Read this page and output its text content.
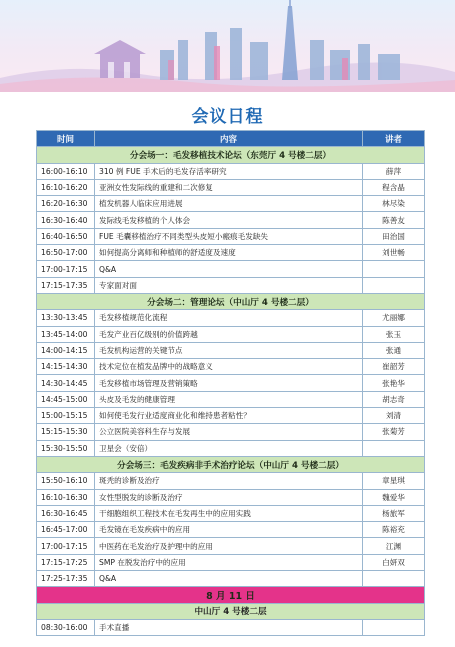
会议日程
时间	内容	讲者
分会场一：毛发移植技术论坛（东莞厅 4 号楼二层）		
16:00-16:10	310 例 FUE 手术后的毛发存活率研究	薛萍
16:10-16:20	亚洲女性发际线的重建和二次修复	程含晶
16:20-16:30	植发机器人临床应用进展	林尽染
16:30-16:40	发际线毛发移植的个人体会	陈善友
16:40-16:50	FUE 毛囊移植治疗不同类型头皮短小瘢痕毛发缺失	田治国
16:50-17:00	如何提高分离师和种植师的舒适度及速度	刘世畅
17:00-17:15	Q&A	
17:15-17:35	专家面对面	
分会场二：管理论坛（中山厅 4 号楼二层）		
13:30-13:45	毛发移植规范化流程	尤丽娜
13:45-14:00	毛发产业百亿级别的价值跨越	张玉
14:00-14:15	毛发机构运营的关键节点	张通
14:15-14:30	技术定位在植发品牌中的战略意义	崔韶芳
14:30-14:45	毛发移植市场管理及营销策略	张艳华
14:45-15:00	头皮及毛发的健康管理	胡志奇
15:00-15:15	如何使毛发行业适度商业化和维持患者粘性？	刘清
15:15-15:30	公立医院美容科生存与发展	张菊芳
15:30-15:50	卫星会（安倍）	
分会场三：毛发疾病非手术治疗论坛（中山厅 4 号楼二层）		
15:50-16:10	斑秃的诊断及治疗	章星琪
16:10-16:30	女性型脱发的诊断及治疗	魏爱华
16:30-16:45	干细胞组织工程技术在毛发再生中的应用实践	杨旅军
16:45-17:00	毛发镜在毛发疾病中的应用	陈裕充
17:00-17:15	中医药在毛发治疗及护理中的应用	江渊
17:15-17:25	SMP 在脱发治疗中的应用	白妍双
17:25-17:35	Q&A	
8 月 11 日		
中山厅 4 号楼二层		
08:30-16:00	手术直播	
